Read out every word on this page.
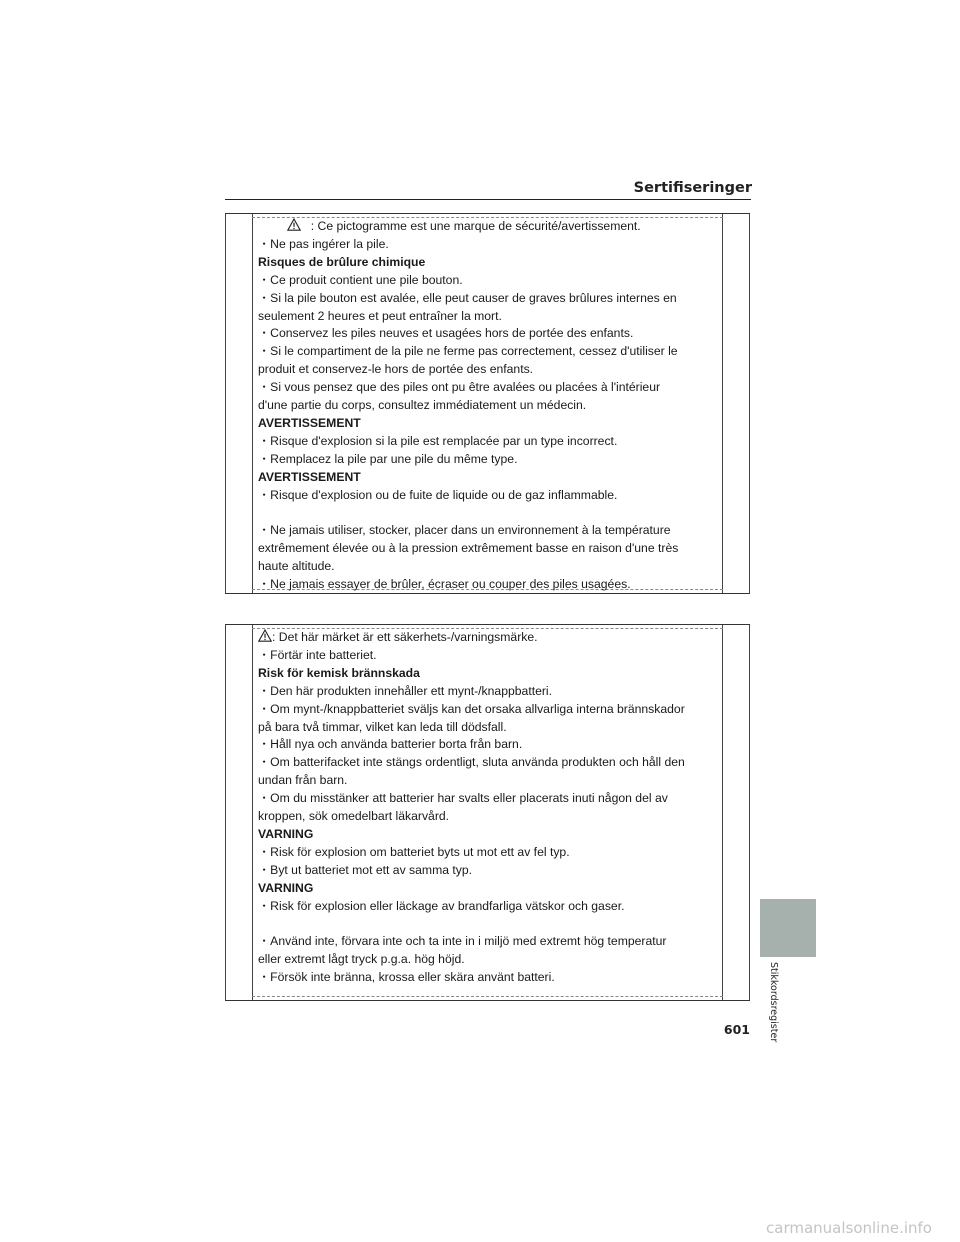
Sertifiseringer
: Ce pictogramme est une marque de sécurité/avertissement.
・Ne pas ingérer la pile.
Risques de brûlure chimique
・Ce produit contient une pile bouton.
・Si la pile bouton est avalée, elle peut causer de graves brûlures internes en
seulement 2 heures et peut entraîner la mort.
・Conservez les piles neuves et usagées hors de portée des enfants.
・Si le compartiment de la pile ne ferme pas correctement, cessez d'utiliser le
produit et conservez-le hors de portée des enfants.
・Si vous pensez que des piles ont pu être avalées ou placées à l'intérieur
d'une partie du corps, consultez immédiatement un médecin.
AVERTISSEMENT
・Risque d'explosion si la pile est remplacée par un type incorrect.
・Remplacez la pile par une pile du même type.
AVERTISSEMENT
・Risque d'explosion ou de fuite de liquide ou de gaz inflammable.
・Ne jamais utiliser, stocker, placer dans un environnement à la température
extrêmement élevée ou à la pression extrêmement basse en raison d'une très
haute altitude.
・Ne jamais essayer de brûler, écraser ou couper des piles usagées.
: Det här märket är ett säkerhets-/varningsmärke.
・Förtär inte batteriet.
Risk för kemisk brännskada
・Den här produkten innehåller ett mynt-/knappbatteri.
・Om mynt-/knappbatteriet sväljs kan det orsaka allvarliga interna brännskador
på bara två timmar, vilket kan leda till dödsfall.
・Håll nya och använda batterier borta från barn.
・Om batterifacket inte stängs ordentligt, sluta använda produkten och håll den
undan från barn.
・Om du misstänker att batterier har svalts eller placerats inuti någon del av
kroppen, sök omedelbart läkarvård.
VARNING
・Risk för explosion om batteriet byts ut mot ett av fel typ.
・Byt ut batteriet mot ett av samma typ.
VARNING
・Risk för explosion eller läckage av brandfarliga vätskor och gaser.
・Använd inte, förvara inte och ta inte in i miljö med extremt hög temperatur
eller extremt lågt tryck p.g.a. hög höjd.
・Försök inte bränna, krossa eller skära använt batteri.	Stikkordsregister
601
carmanualsonline.info
